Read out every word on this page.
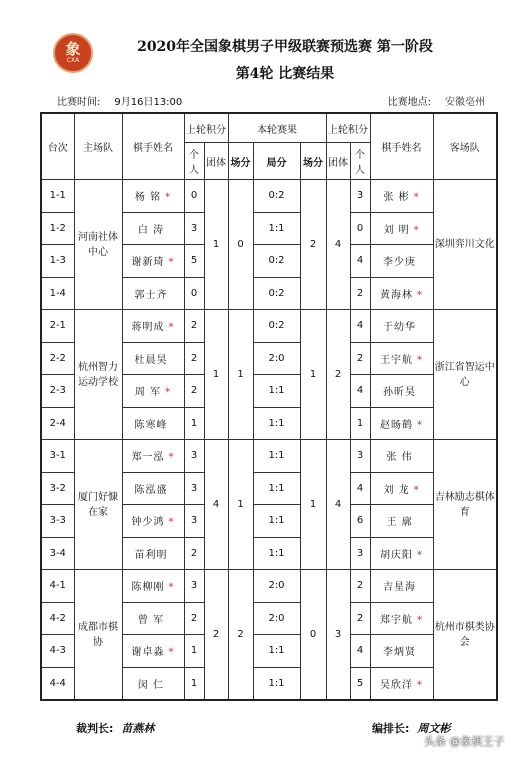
象
CXA
2020年全国象棋男子甲级联赛预选赛 第一阶段
第4轮 比赛结果
比赛时间: 9月16日13:00	比赛地点: 安徽亳州
台次	主场队	棋手姓名	上轮积分		本轮赛果			上轮积分		棋手姓名	客场队
			个人	团体	场分	局分	场分	团体	个人		
1-1	河南社体中心	杨 铭 *	0	1	0	0:2	2	4	3	张 彬 *	深圳弈川文化
1-2		白 涛	3			1:1			0	刘 明 *	
1-3		谢新琦 *	5			0:2			4	李少庚	
1-4		郭士齐	0			0:2			2	黄海林 *	
2-1	杭州智力运动学校	蒋明成 *	2	1	1	0:2	1	2	4	于幼华	浙江省智运中心
2-2		杜晨昊	2			2:0			2	王宇航 *	
2-3		周 军 *	2			1:1			4	孙昕昊	
2-4		陈寒峰	1			1:1			1	赵旸鹤 *	
3-1	厦门好慷在家	郑一泓 *	3	4	1	1:1	1	4	3	张 伟	吉林励志棋体育
3-2		陈泓盛	3			1:1			4	刘 龙 *	
3-3		钟少鸿 *	3			1:1			6	王 廓	
3-4		苗利明	2			1:1			3	胡庆阳 *	
4-1	成都市棋协	陈柳刚 *	3	2	2	2:0	0	3	2	吉星海	杭州市棋类协会
4-2		曾 军	2			2:0			2	郑宇航 *	
4-3		谢卓淼 *	1			1:1			4	李炳贤	
4-4		闵 仁	1			1:1			5	吴欣洋 *	
裁判长: 苗燕林	编排长: 周文彬
头条 @象棋王子
